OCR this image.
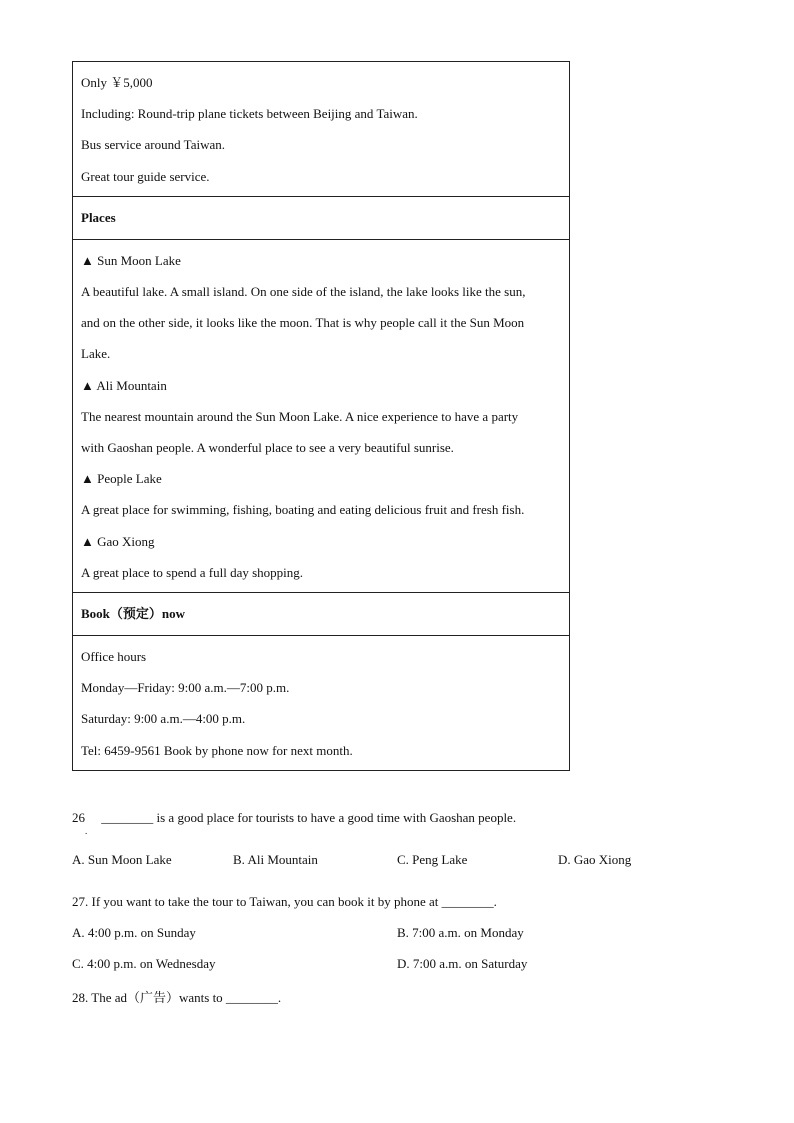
Only ￥5,000
Including: Round-trip plane tickets between Beijing and Taiwan.
Bus service around Taiwan.
Great tour guide service.
Places
▲ Sun Moon Lake
A beautiful lake. A small island. On one side of the island, the lake looks like the sun,
and on the other side, it looks like the moon. That is why people call it the Sun Moon
Lake.
▲ Ali Mountain
The nearest mountain around the Sun Moon Lake. A nice experience to have a party
with Gaoshan people. A wonderful place to see a very beautiful sunrise.
▲ People Lake
A great place for swimming, fishing, boating and eating delicious fruit and fresh fish.
▲ Gao Xiong
A great place to spend a full day shopping.
Book（预定）now
Office hours
Monday—Friday: 9:00 a.m.—7:00 p.m.
Saturday: 9:00 a.m.—4:00 p.m.
Tel: 6459-9561 Book by phone now for next month.
26 ________ is a good place for tourists to have a good time with Gaoshan people.
.
A. Sun Moon Lake	B. Ali Mountain	C. Peng Lake	D. Gao Xiong
27. If you want to take the tour to Taiwan, you can book it by phone at ________.
A. 4:00 p.m. on Sunday	B. 7:00 a.m. on Monday
C. 4:00 p.m. on Wednesday	D. 7:00 a.m. on Saturday
28. The ad（广告）wants to ________.
